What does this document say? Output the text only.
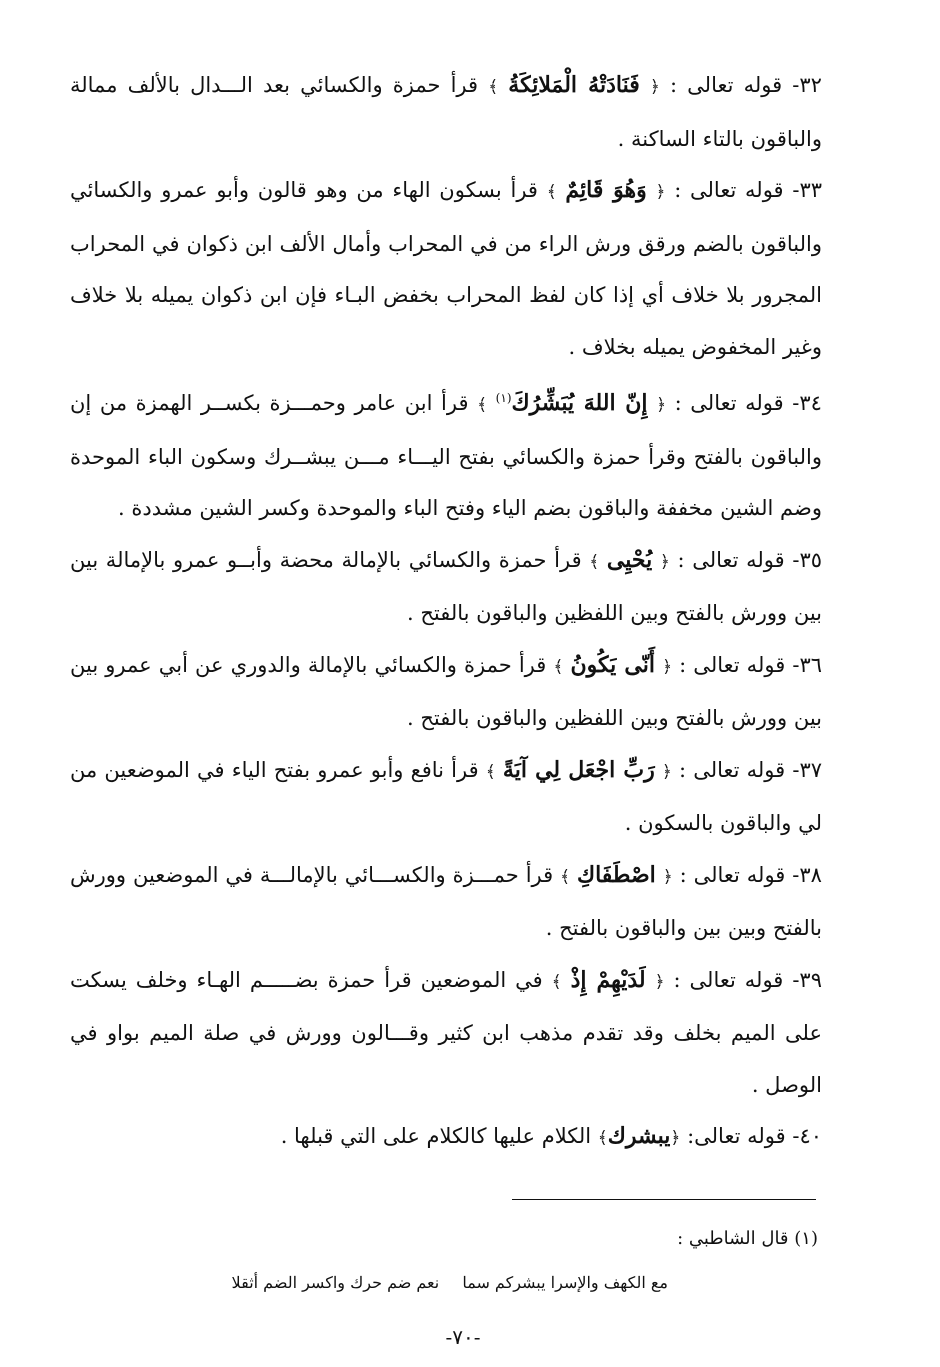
٣٢- قوله تعالى : ﴿ فَنَادَتْهُ الْمَلائِكَةُ ﴾ قرأ حمزة والكسائي بعد الـــدال بالألف ممالة والباقون بالتاء الساكنة .

٣٣- قوله تعالى : ﴿ وَهُوَ قَائِمٌ ﴾ قرأ بسكون الهاء من وهو قالون وأبو عمرو والكسائي والباقون بالضم ورقق ورش الراء من في المحراب وأمال الألف ابن ذكوان في المحراب المجرور بلا خلاف أي إذا كان لفظ المحراب بخفض البـاء فإن ابن ذكوان يميله بلا خلاف وغير المخفوض يميله بخلاف .

٣٤- قوله تعالى : ﴿ إِنّ اللهَ يُبَشِّرُكَ$^{(١)}$ ﴾ قرأ ابن عامر وحمـــزة بكســر الهمزة من إن والباقون بالفتح وقرأ حمزة والكسائي بفتح اليـــاء مـــن يبشــرك وسكون الباء الموحدة وضم الشين مخففة والباقون بضم الياء وفتح الباء والموحدة وكسر الشين مشددة .

٣٥- قوله تعالى : ﴿ يُحْيِى ﴾ قرأ حمزة والكسائي بالإمالة محضة وأبــو عمرو بالإمالة بين بين وورش بالفتح وبين اللفظين والباقون بالفتح .

٣٦- قوله تعالى : ﴿ أَنّى يَكُونُ ﴾ قرأ حمزة والكسائي بالإمالة والدوري عن أبي عمرو بين بين وورش بالفتح وبين اللفظين والباقون بالفتح .

٣٧- قوله تعالى : ﴿ رَبِّ اجْعَل لِي آيَةً ﴾ قرأ نافع وأبو عمرو بفتح الياء في الموضعين من لي والباقون بالسكون .

٣٨- قوله تعالى : ﴿ اصْطَفَاكِ ﴾ قرأ حمـــزة والكســـائي بالإمالـــة في الموضعين وورش بالفتح وبين بين والباقون بالفتح .

٣٩- قوله تعالى : ﴿ لَدَيْهِمْ إِذْ ﴾ في الموضعين قرأ حمزة بضـــــم الهـاء وخلف يسكت على الميم بخلف وقد تقدم مذهب ابن كثير وقـــالون وورش في صلة الميم بواو في الوصل .

٤٠- قوله تعالى: ﴿يبشرك﴾ الكلام عليها كالكلام على التي قبلها .

(١) قال الشاطبي :
مع الكهف والإسرا يبشركم سما نعم ضم حرك واكسر الضم أثقلا
-٧٠-
